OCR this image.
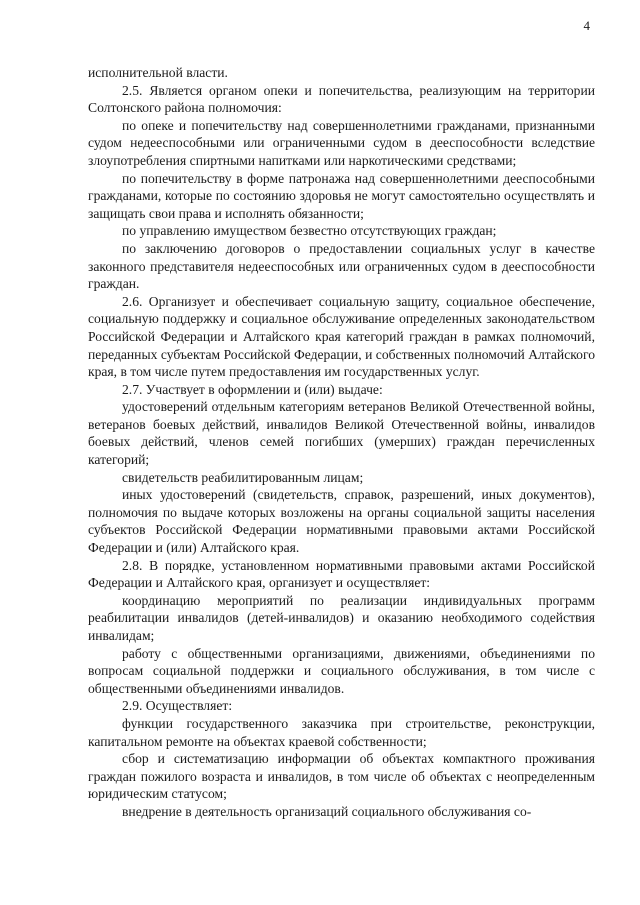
4

исполнительной власти.

2.5. Является органом опеки и попечительства, реализующим на территории Солтонского района полномочия:

по опеке и попечительству над совершеннолетними гражданами, признанными судом недееспособными или ограниченными судом в дееспособности вследствие злоупотребления спиртными напитками или наркотическими средствами;

по попечительству в форме патронажа над совершеннолетними дееспособными гражданами, которые по состоянию здоровья не могут самостоятельно осуществлять и защищать свои права и исполнять обязанности;

по управлению имуществом безвестно отсутствующих граждан;

по заключению договоров о предоставлении социальных услуг в качестве законного представителя недееспособных или ограниченных судом в дееспособности граждан.

2.6. Организует и обеспечивает социальную защиту, социальное обеспечение, социальную поддержку и социальное обслуживание определенных законодательством Российской Федерации и Алтайского края категорий граждан в рамках полномочий, переданных субъектам Российской Федерации, и собственных полномочий Алтайского края, в том числе путем предоставления им государственных услуг.

2.7. Участвует в оформлении и (или) выдаче:

удостоверений отдельным категориям ветеранов Великой Отечественной войны, ветеранов боевых действий, инвалидов Великой Отечественной войны, инвалидов боевых действий, членов семей погибших (умерших) граждан перечисленных категорий;

свидетельств реабилитированным лицам;

иных удостоверений (свидетельств, справок, разрешений, иных документов), полномочия по выдаче которых возложены на органы социальной защиты населения субъектов Российской Федерации нормативными правовыми актами Российской Федерации и (или) Алтайского края.

2.8. В порядке, установленном нормативными правовыми актами Российской Федерации и Алтайского края, организует и осуществляет:

координацию мероприятий по реализации индивидуальных программ реабилитации инвалидов (детей-инвалидов) и оказанию необходимого содействия инвалидам;

работу с общественными организациями, движениями, объединениями по вопросам социальной поддержки и социального обслуживания, в том числе с общественными объединениями инвалидов.

2.9. Осуществляет:

функции государственного заказчика при строительстве, реконструкции, капитальном ремонте на объектах краевой собственности;

сбор и систематизацию информации об объектах компактного проживания граждан пожилого возраста и инвалидов, в том числе об объектах с неопределенным юридическим статусом;

внедрение в деятельность организаций социального обслуживания со-
